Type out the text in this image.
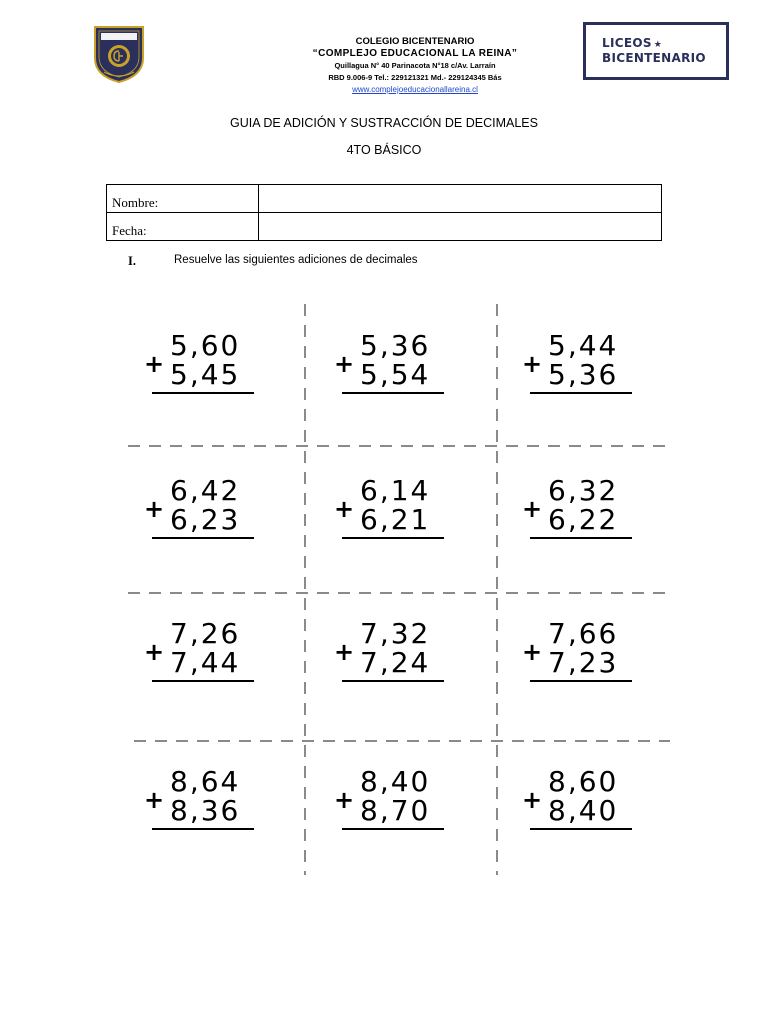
LICEOS ★
BICENTENARIO
COLEGIO BICENTENARIO
“COMPLEJO EDUCACIONAL LA REINA”
Quillagua N° 40 Parinacota N°18 c/Av. Larraín
RBD 9.006-9 Tel.: 229121321 Md.- 229124345 Bás
www.complejoeducacionallareina.cl
GUIA DE ADICIÓN Y SUSTRACCIÓN DE DECIMALES
4TO BÁSICO
Nombre:	
Fecha:	
I.	Resuelve las siguientes adiciones de decimales
+
5,60
5,45	+
5,36
5,54	+
5,44
5,36
+
6,42
6,23	+
6,14
6,21	+
6,32
6,22
+
7,26
7,44	+
7,32
7,24	+
7,66
7,23
+
8,64
8,36	+
8,40
8,70	+
8,60
8,40
